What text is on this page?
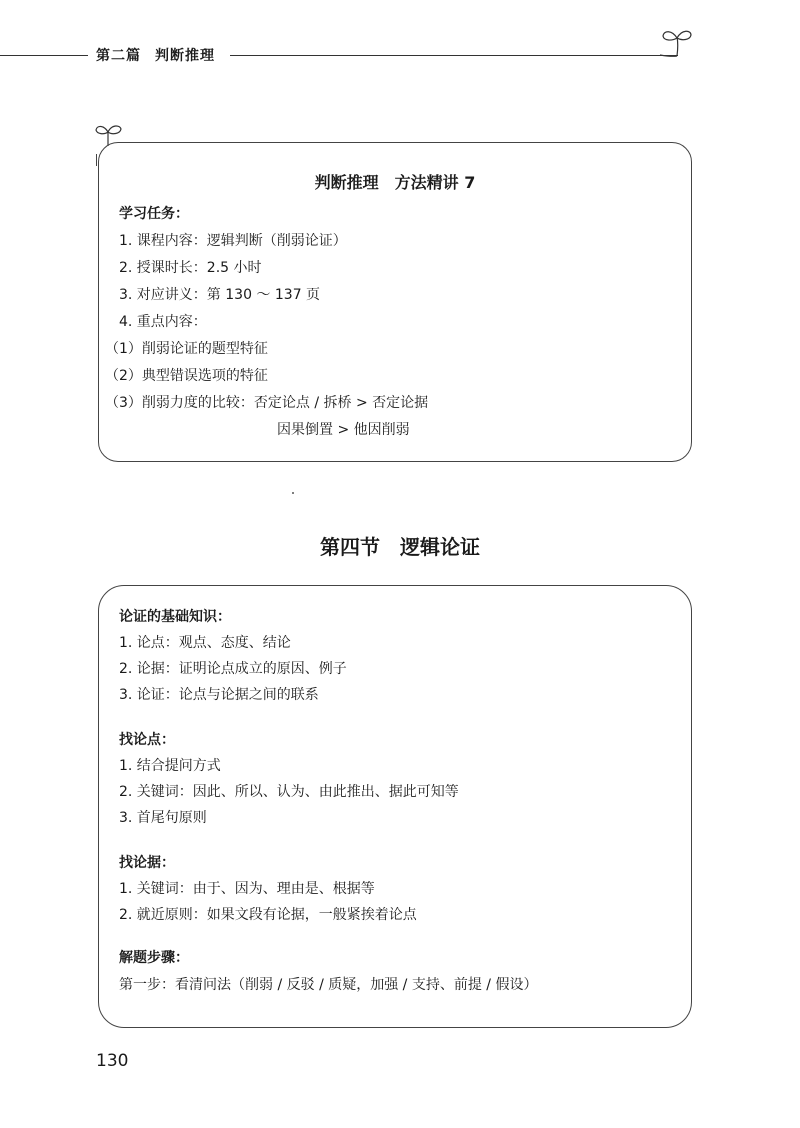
第二篇 判断推理
判断推理 方法精讲 7
学习任务：
1. 课程内容：逻辑判断（削弱论证）
2. 授课时长：2.5 小时
3. 对应讲义：第 130 ～ 137 页
4. 重点内容：
（1）削弱论证的题型特征
（2）典型错误选项的特征
（3）削弱力度的比较：否定论点 / 拆桥 > 否定论据
因果倒置 > 他因削弱
第四节 逻辑论证
论证的基础知识：
1. 论点：观点、态度、结论
2. 论据：证明论点成立的原因、例子
3. 论证：论点与论据之间的联系
找论点：
1. 结合提问方式
2. 关键词：因此、所以、认为、由此推出、据此可知等
3. 首尾句原则
找论据：
1. 关键词：由于、因为、理由是、根据等
2. 就近原则：如果文段有论据，一般紧挨着论点
解题步骤：
第一步：看清问法（削弱 / 反驳 / 质疑，加强 / 支持、前提 / 假设）
130
